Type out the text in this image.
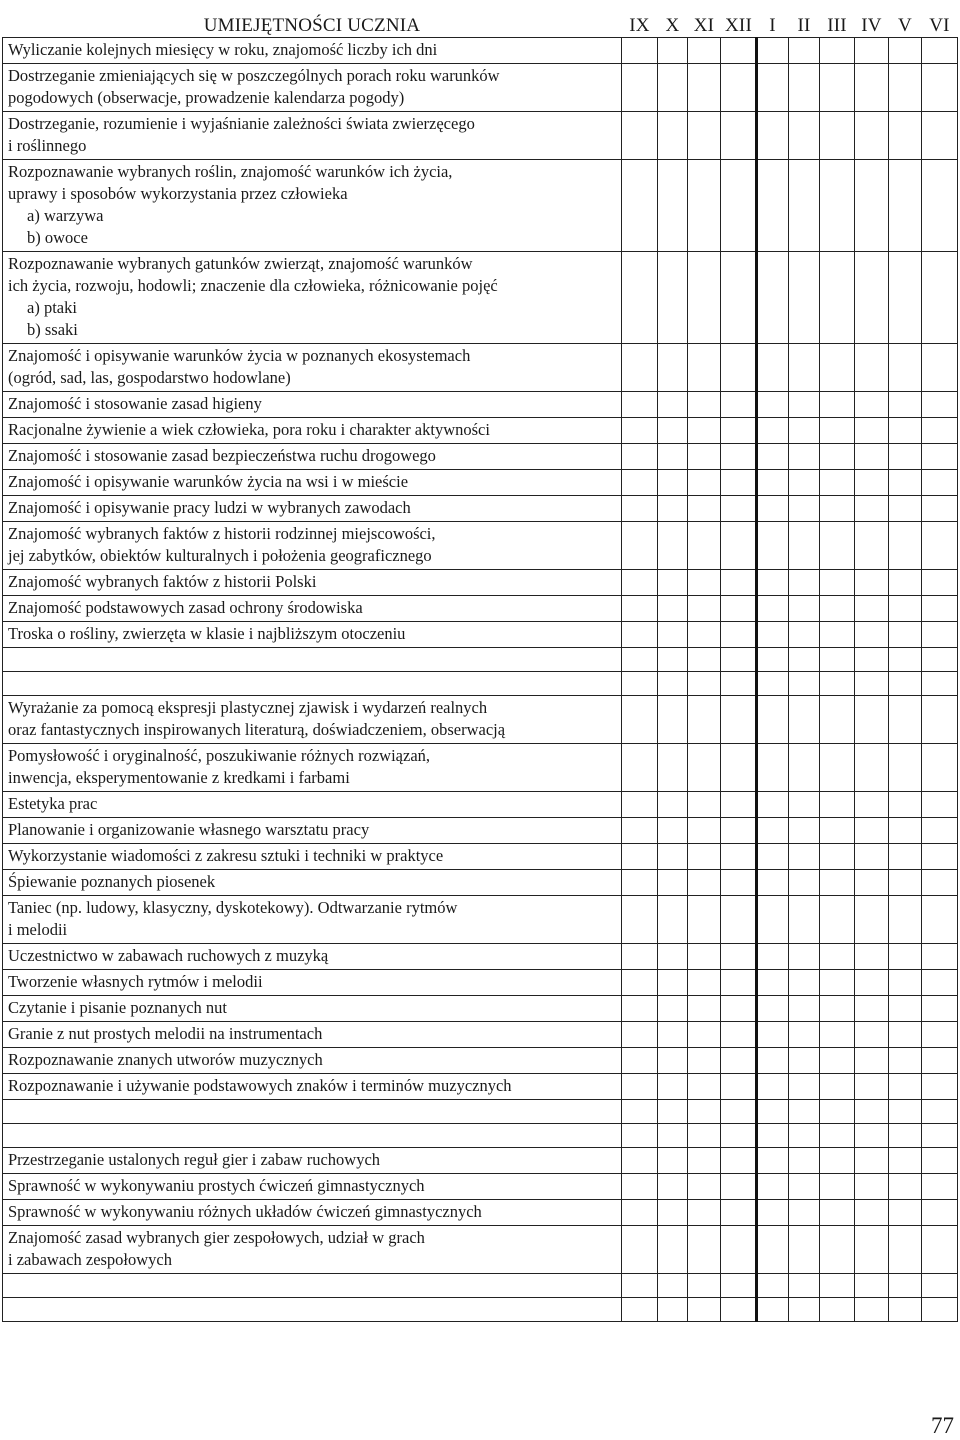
UMIEJĘTNOŚCI UCZNIA	IX	X	XI	XII	I	II	III	IV	V	VI

Wyliczanie kolejnych miesięcy w roku, znajomość liczby ich dni										

Dostrzeganie zmieniających się w poszczególnych porach roku warunków
pogodowych (obserwacje, prowadzenie kalendarza pogody)										

Dostrzeganie, rozumienie i wyjaśnianie zależności świata zwierzęcego
i roślinnego										

Rozpoznawanie wybranych roślin, znajomość warunków ich życia,
uprawy i sposobów wykorzystania przez człowieka
a) warzywa
b) owoce										

Rozpoznawanie wybranych gatunków zwierząt, znajomość warunków
ich życia, rozwoju, hodowli; znaczenie dla człowieka, różnicowanie pojęć
a) ptaki
b) ssaki										

Znajomość i opisywanie warunków życia w poznanych ekosystemach
(ogród, sad, las, gospodarstwo hodowlane)										

Znajomość i stosowanie zasad higieny										

Racjonalne żywienie a wiek człowieka, pora roku i charakter aktywności										

Znajomość i stosowanie zasad bezpieczeństwa ruchu drogowego										

Znajomość i opisywanie warunków życia na wsi i w mieście										

Znajomość i opisywanie pracy ludzi w wybranych zawodach										

Znajomość wybranych faktów z historii rodzinnej miejscowości,
jej zabytków, obiektów kulturalnych i położenia geograficznego										

Znajomość wybranych faktów z historii Polski										

Znajomość podstawowych zasad ochrony środowiska										

Troska o rośliny, zwierzęta w klasie i najbliższym otoczeniu										

Wyrażanie za pomocą ekspresji plastycznej zjawisk i wydarzeń realnych
oraz fantastycznych inspirowanych literaturą, doświadczeniem, obserwacją										

Pomysłowość i oryginalność, poszukiwanie różnych rozwiązań,
inwencja, eksperymentowanie z kredkami i farbami										

Estetyka prac										

Planowanie i organizowanie własnego warsztatu pracy										

Wykorzystanie wiadomości z zakresu sztuki i techniki w praktyce										

Śpiewanie poznanych piosenek										

Taniec (np. ludowy, klasyczny, dyskotekowy). Odtwarzanie rytmów
i melodii										

Uczestnictwo w zabawach ruchowych z muzyką										

Tworzenie własnych rytmów i melodii										

Czytanie i pisanie poznanych nut										

Granie z nut prostych melodii na instrumentach										

Rozpoznawanie znanych utworów muzycznych										

Rozpoznawanie i używanie podstawowych znaków i terminów muzycznych										

Przestrzeganie ustalonych reguł gier i zabaw ruchowych										

Sprawność w wykonywaniu prostych ćwiczeń gimnastycznych										

Sprawność w wykonywaniu różnych układów ćwiczeń gimnastycznych										

Znajomość zasad wybranych gier zespołowych, udział w grach
i zabawach zespołowych										

77
